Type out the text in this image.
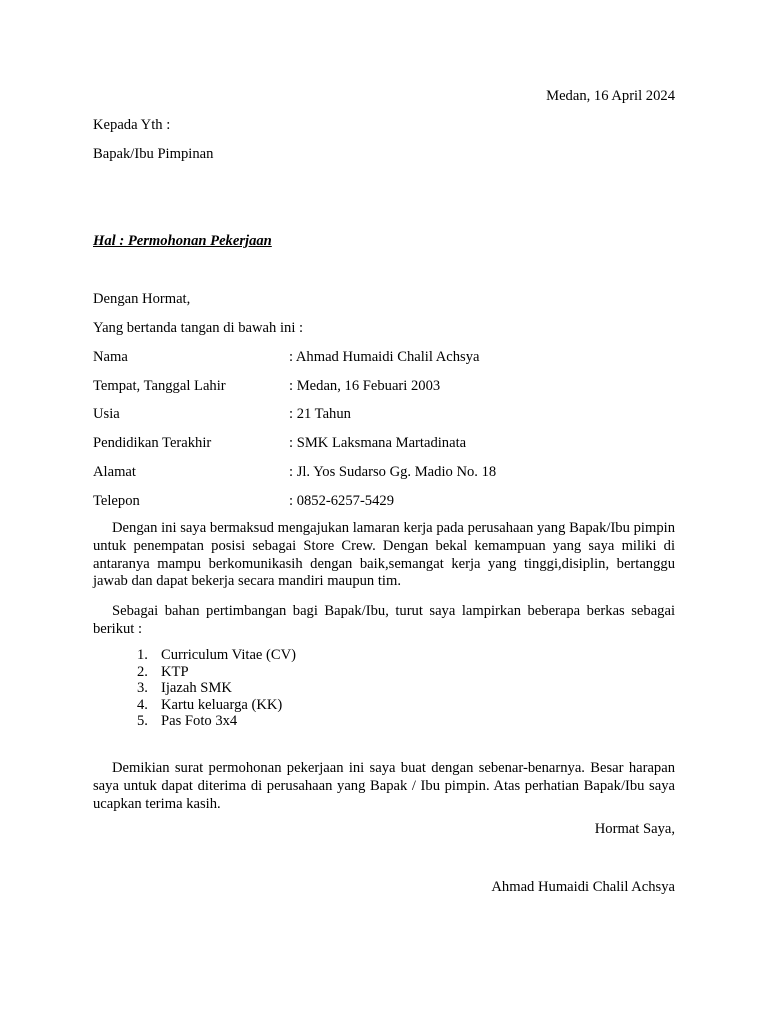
Medan, 16 April 2024
Kepada Yth :
Bapak/Ibu Pimpinan
Hal : Permohonan Pekerjaan
Dengan Hormat,
Yang bertanda tangan di bawah ini :
Nama	: Ahmad Humaidi Chalil Achsya
Tempat, Tanggal Lahir	: Medan, 16 Febuari 2003
Usia	: 21 Tahun
Pendidikan Terakhir	: SMK Laksmana Martadinata
Alamat	: Jl. Yos Sudarso Gg. Madio No. 18
Telepon	: 0852-6257-5429

Dengan ini saya bermaksud mengajukan lamaran kerja pada perusahaan yang Bapak/Ibu pimpin untuk penempatan posisi sebagai Store Crew. Dengan bekal kemampuan yang saya miliki di antaranya mampu berkomunikasih dengan baik,semangat kerja yang tinggi,disiplin, bertanggu jawab dan dapat bekerja secara mandiri maupun tim.

Sebagai bahan pertimbangan bagi Bapak/Ibu, turut saya lampirkan beberapa berkas sebagai berikut :

1. Curriculum Vitae (CV)
2. KTP
3. Ijazah SMK
4. Kartu keluarga (KK)
5. Pas Foto 3x4

Demikian surat permohonan pekerjaan ini saya buat dengan sebenar-benarnya. Besar harapan saya untuk dapat diterima di perusahaan yang Bapak / Ibu pimpin. Atas perhatian Bapak/Ibu saya ucapkan terima kasih.

Hormat Saya,
Ahmad Humaidi Chalil Achsya
